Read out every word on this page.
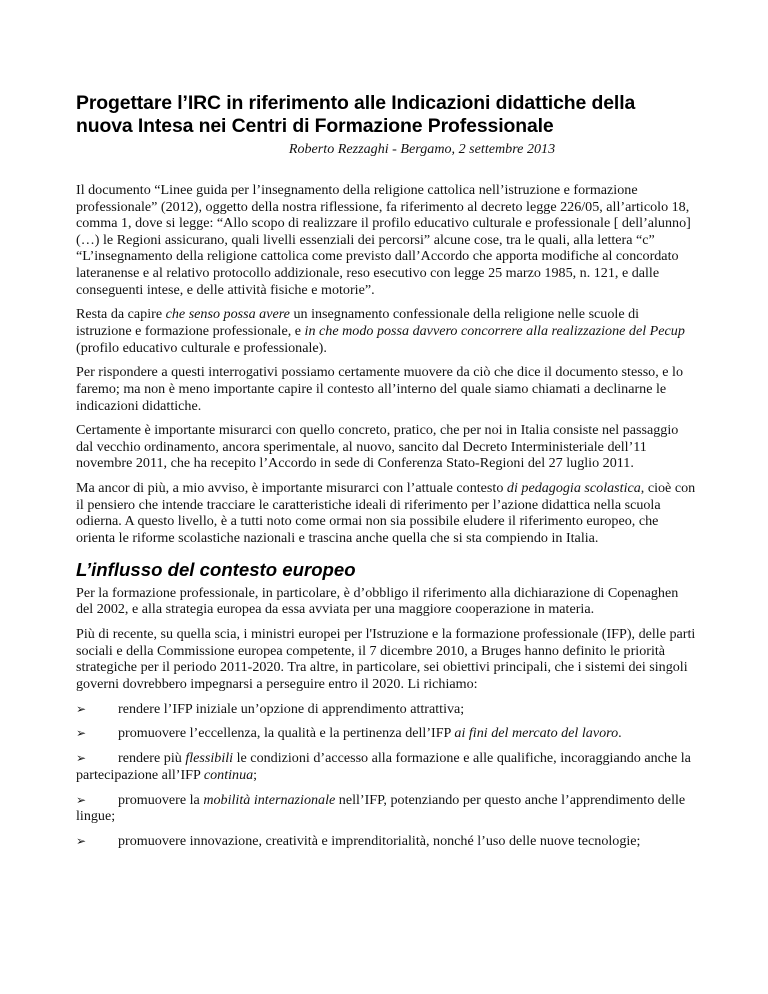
Progettare l’IRC in riferimento alle Indicazioni didattiche della
nuova Intesa nei Centri di Formazione Professionale
Roberto Rezzaghi - Bergamo, 2 settembre 2013

Il documento “Linee guida per l’insegnamento della religione cattolica nell’istruzione e formazione professionale” (2012), oggetto della nostra riflessione, fa riferimento al decreto legge 226/05, all’articolo 18, comma 1, dove si legge: “Allo scopo di realizzare il profilo educativo culturale e professionale [ dell’alunno] (…) le Regioni assicurano, quali livelli essenziali dei percorsi” alcune cose, tra le quali, alla lettera “c” “L’insegnamento della religione cattolica come previsto dall’Accordo che apporta modifiche al concordato lateranense e al relativo protocollo addizionale, reso esecutivo con legge 25 marzo 1985, n. 121, e dalle conseguenti intese, e delle attività fisiche e motorie”.

Resta da capire che senso possa avere un insegnamento confessionale della religione nelle scuole di istruzione e formazione professionale, e in che modo possa davvero concorrere alla realizzazione del Pecup (profilo educativo culturale e professionale).

Per rispondere a questi interrogativi possiamo certamente muovere da ciò che dice il documento stesso, e lo faremo; ma non è meno importante capire il contesto all’interno del quale siamo chiamati a declinarne le indicazioni didattiche.

Certamente è importante misurarci con quello concreto, pratico, che per noi in Italia consiste nel passaggio dal vecchio ordinamento, ancora sperimentale, al nuovo, sancito dal Decreto Interministeriale dell’11 novembre 2011, che ha recepito l’Accordo in sede di Conferenza Stato-Regioni del 27 luglio 2011.

Ma ancor di più, a mio avviso, è importante misurarci con l’attuale contesto di pedagogia scolastica, cioè con il pensiero che intende tracciare le caratteristiche ideali di riferimento per l’azione didattica nella scuola odierna. A questo livello, è a tutti noto come ormai non sia possibile eludere il riferimento europeo, che orienta le riforme scolastiche nazionali e trascina anche quella che si sta compiendo in Italia.

L’influsso del contesto europeo

Per la formazione professionale, in particolare, è d’obbligo il riferimento alla dichiarazione di Copenaghen del 2002, e alla strategia europea da essa avviata per una maggiore cooperazione in materia.

Più di recente, su quella scia, i ministri europei per l'Istruzione e la formazione professionale (IFP), delle parti sociali e della Commissione europea competente, il 7 dicembre 2010, a Bruges hanno definito le priorità strategiche per il periodo 2011-2020. Tra altre, in particolare, sei obiettivi principali, che i sistemi dei singoli governi dovrebbero impegnarsi a perseguire entro il 2020. Li richiamo:

➢ rendere l’IFP iniziale un’opzione di apprendimento attrattiva;
➢ promuovere l’eccellenza, la qualità e la pertinenza dell’IFP ai fini del mercato del lavoro.
➢ rendere più flessibili le condizioni d’accesso alla formazione e alle qualifiche, incoraggiando anche la partecipazione all’IFP continua;
➢ promuovere la mobilità internazionale nell’IFP, potenziando per questo anche l’apprendimento delle lingue;
➢ promuovere innovazione, creatività e imprenditorialità, nonché l’uso delle nuove tecnologie;
